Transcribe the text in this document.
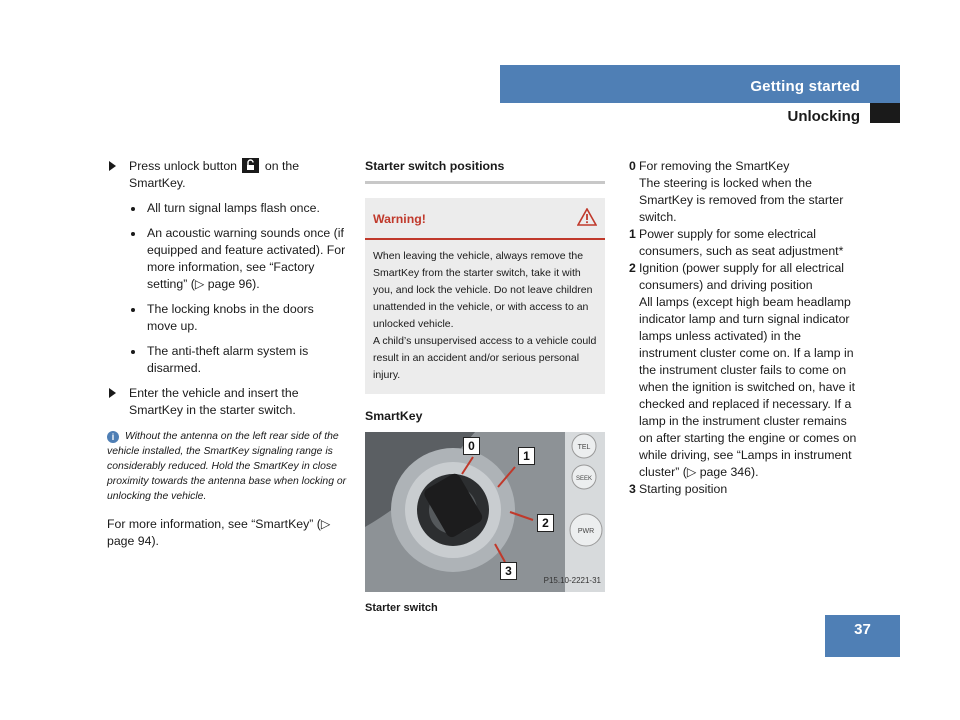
Getting started
Unlocking
Press unlock button on the SmartKey.
All turn signal lamps flash once.
An acoustic warning sounds once (if equipped and feature activated). For more information, see “Factory setting” (▷ page 96).
The locking knobs in the doors move up.
The anti-theft alarm system is disarmed.
Enter the vehicle and insert the SmartKey in the starter switch.
i Without the antenna on the left rear side of the vehicle installed, the SmartKey signaling range is considerably reduced. Hold the SmartKey in close proximity towards the antenna base when locking or unlocking the vehicle.
For more information, see “SmartKey” (▷ page 94).
Starter switch positions
Warning!

When leaving the vehicle, always remove the SmartKey from the starter switch, take it with you, and lock the vehicle. Do not leave children unattended in the vehicle, or with access to an unlocked vehicle.

A child’s unsupervised access to a vehicle could result in an accident and/or serious personal injury.

SmartKey
TEL
SEEK
PWR
0
1
2
3
P15.10-2221-31
Starter switch
0 For removing the SmartKey
The steering is locked when the SmartKey is removed from the starter switch.

1 Power supply for some electrical consumers, such as seat adjustment*

2 Ignition (power supply for all electrical consumers) and driving position
All lamps (except high beam headlamp indicator lamp and turn signal indicator lamps unless activated) in the instrument cluster come on. If a lamp in the instrument cluster fails to come on when the ignition is switched on, have it checked and replaced if necessary. If a lamp in the instrument cluster remains on after starting the engine or comes on while driving, see “Lamps in instrument cluster” (▷ page 346).

3 Starting position

37
